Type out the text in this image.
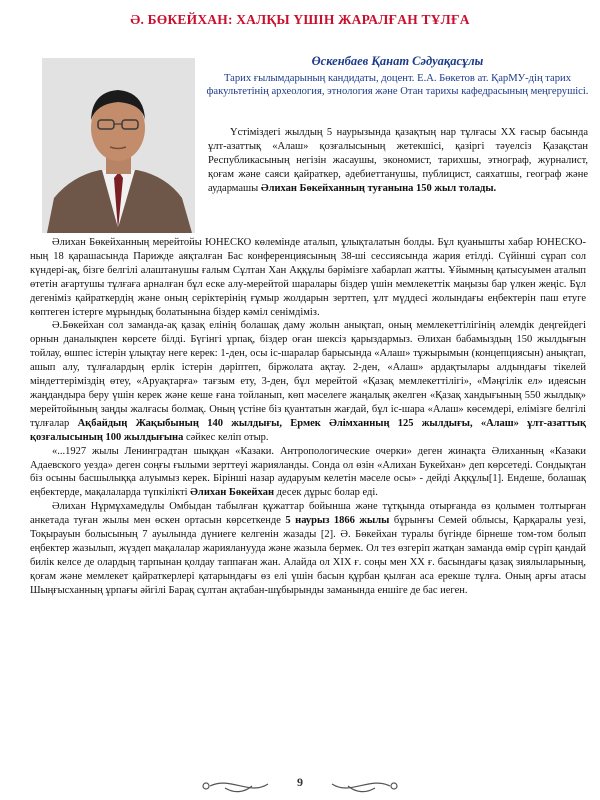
Ә. БӨКЕЙХАН: ХАЛҚЫ ҮШІН ЖАРАЛҒАН ТҰЛҒА
Өскенбаев Қанат Сәдуақасұлы
Тарих ғылымдарының кандидаты, доцент. Е.А. Бөкетов ат. ҚарМУ-дің тарих факультетінің археология, этнология және Отан тарихы кафедрасының меңгерушісі.
Үстіміздегі жылдың 5 наурызында қазақтың нар тұлғасы XX ғасыр басында ұлт-азаттық «Алаш» қозғалысының жетекшісі, қазіргі тәуелсіз Қазақстан Республикасының негізін жасаушы, экономист, тарихшы, этнограф, журналист, қоғам және саяси қайраткер, әдебиеттанушы, публицист, саяхатшы, географ және аудармашы Әлихан Бөкейханның туғанына 150 жыл толады.

Әлихан Бөкейханның мерейтойы ЮНЕСКО көлемінде аталып, ұлықталатын болды. Бұл қуанышты хабар ЮНЕСКО-ның 18 қарашасында Парижде аяқталған Бас конференциясының 38-ші сессиясында жария етілді. Сүйінші сұрап сол күндері-ақ, бізге белгілі алаштанушы ғалым Сұлтан Хан Аққұлы бәрімізге хабарлап жатты. Ұйымның қатысуымен аталып өтетін ағартушы тұлғаға арналған бұл еске алу-мерейтой шаралары біздер үшін мемлекеттік маңызы бар үлкен жеңіс. Бұл дегеніміз қайраткердің және оның серіктерінің ғұмыр жолдарын зерттеп, ұлт мүддесі жолындағы еңбектерін паш етуге көптеген істерге мұрындық болатынына біздер кәміл сенімдіміз.

Ә.Бөкейхан сол заманда-ақ қазақ елінің болашақ даму жолын анықтап, оның мемлекеттілігінің әлемдік деңгейдегі орнын даналықпен көрсете білді. Бүгінгі ұрпақ, біздер оған шексіз қарыздармыз. Әлихан бабамыздың 150 жылдығын тойлау, өшпес істерін ұлықтау неге керек: 1-ден, осы іс-шаралар барысында «Алаш» тұжырымын (концепциясын) анықтап, ашып алу, тұлғалардың ерлік істерін дәріптеп, біржолата ақтау. 2-ден, «Алаш» ардақтылары алдындағы тікелей міндеттеріміздің өтеу, «Аруақтарға» тағзым ету, 3-ден, бұл мерейтой «Қазақ мемлекеттілігі», «Мәңгілік ел» идеясын жаңдандыра беру үшін керек және кеше ғана тойланып, көп мәселеге жаңалық әкелген «Қазақ хандығының 550 жылдық» мерейтойының заңды жалғасы болмақ. Оның үстіне біз қуантатын жағдай, бұл іс-шара «Алаш» көсемдері, елімізге белгілі тұлғалар Ақбайдың Жақыбының 140 жылдығы, Ермек Әлімханның 125 жылдығы, «Алаш» ұлт-азаттық қозғалысының 100 жылдығына сәйкес келіп отыр.

«...1927 жылы Ленинградтан шыққан «Казаки. Антропологические очерки» деген жинақта Әлиханның «Казаки Адаевского уезда» деген соңғы ғылыми зерттеуі жарияланды. Сонда ол өзін «Алихан Букейхан» деп көрсетеді. Сондықтан біз осыны басшылыққа алуымыз керек. Бірінші назар аударуым келетін мәселе осы» - дейді Аққұлы[1]. Ендеше, болашақ еңбектерде, мақалаларда түпкілікті Әлихан Бөкейхан десек дұрыс болар еді.

Әлихан Нұрмұхамедұлы Омбыдан табылған құжаттар бойынша және тұтқында отырғанда өз қолымен толтырған анкетада туған жылы мен өскен ортасын көрсеткенде 5 наурыз 1866 жылы бұрынғы Семей облысы, Қарқаралы уезі, Тоқырауын болысының 7 ауылында дүниеге келгенін жазады [2]. Ә. Бөкейхан туралы бүгінде бірнеше том-том болып еңбектер жазылып, жүздеп мақалалар жарияланууда және жазыла бермек. Ол тез өзгеріп жатқан заманда өмір сүріп қандай билік келсе де олардың тарпынан қолдау таппаған жан. Алайда ол XIX ғ. соңы мен XX ғ. басындағы қазақ зиялыларының, қоғам және мемлекет қайраткерлері қатарындағы өз елі үшін басын құрбан қылған аса ерекше тұлға. Оның арғы атасы Шыңғысханның ұрпағы әйгілі Барақ сұлтан ақтабан-шұбырынды заманында еншіге де бас иеген.

9
